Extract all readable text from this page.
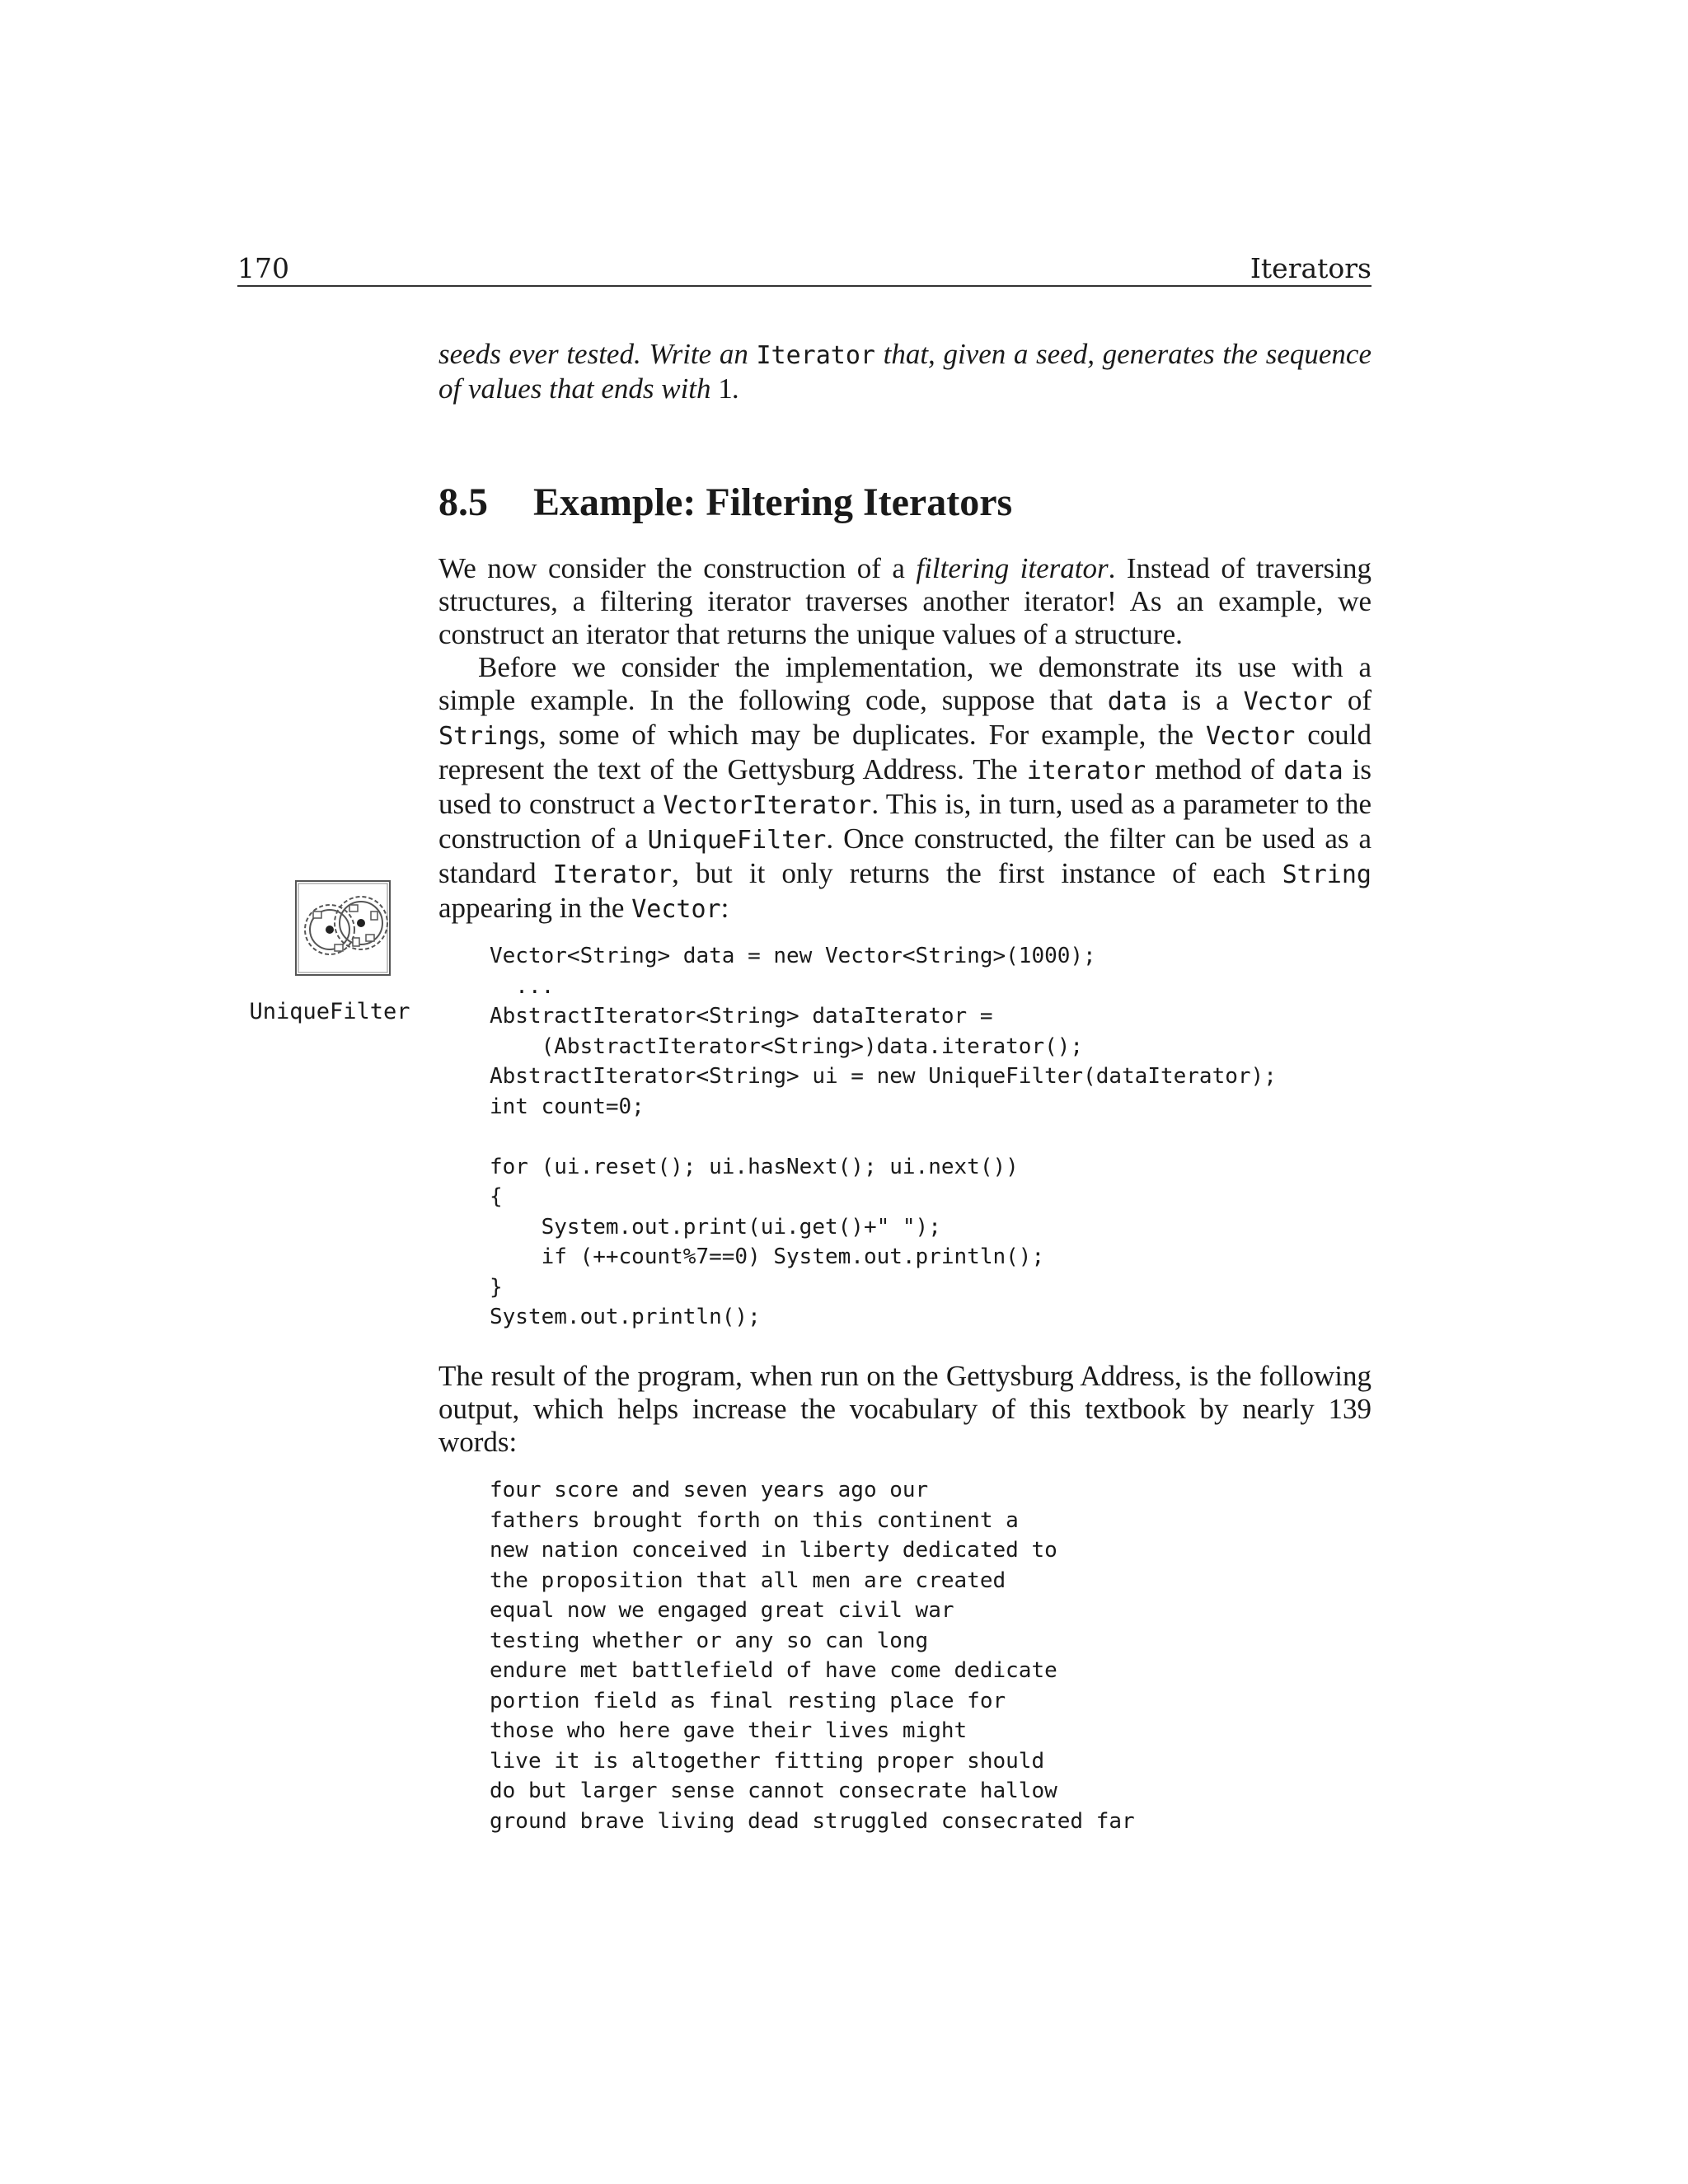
170	Iterators

seeds ever tested. Write an Iterator that, given a seed, generates the sequence of values that ends with 1.

8.5 Example: Filtering Iterators

We now consider the construction of a filtering iterator. Instead of traversing structures, a filtering iterator traverses another iterator! As an example, we construct an iterator that returns the unique values of a structure.

Before we consider the implementation, we demonstrate its use with a simple example. In the following code, suppose that data is a Vector of Strings, some of which may be duplicates. For example, the Vector could represent the text of the Gettysburg Address. The iterator method of data is used to construct a VectorIterator. This is, in turn, used as a parameter to the construction of a UniqueFilter. Once constructed, the filter can be used as a standard Iterator, but it only returns the first instance of each String appearing in the Vector:

UniqueFilter
Vector<String> data = new Vector<String>(1000);
...
AbstractIterator<String> dataIterator =
(AbstractIterator<String>)data.iterator();
AbstractIterator<String> ui = new UniqueFilter(dataIterator);
int count=0;
for (ui.reset(); ui.hasNext(); ui.next())
{
System.out.print(ui.get()+" ");
if (++count%7==0) System.out.println();
}
System.out.println();

The result of the program, when run on the Gettysburg Address, is the following output, which helps increase the vocabulary of this textbook by nearly 139 words:

four score and seven years ago our
fathers brought forth on this continent a
new nation conceived in liberty dedicated to
the proposition that all men are created
equal now we engaged great civil war
testing whether or any so can long
endure met battlefield of have come dedicate
portion field as final resting place for
those who here gave their lives might
live it is altogether fitting proper should
do but larger sense cannot consecrate hallow
ground brave living dead struggled consecrated far
